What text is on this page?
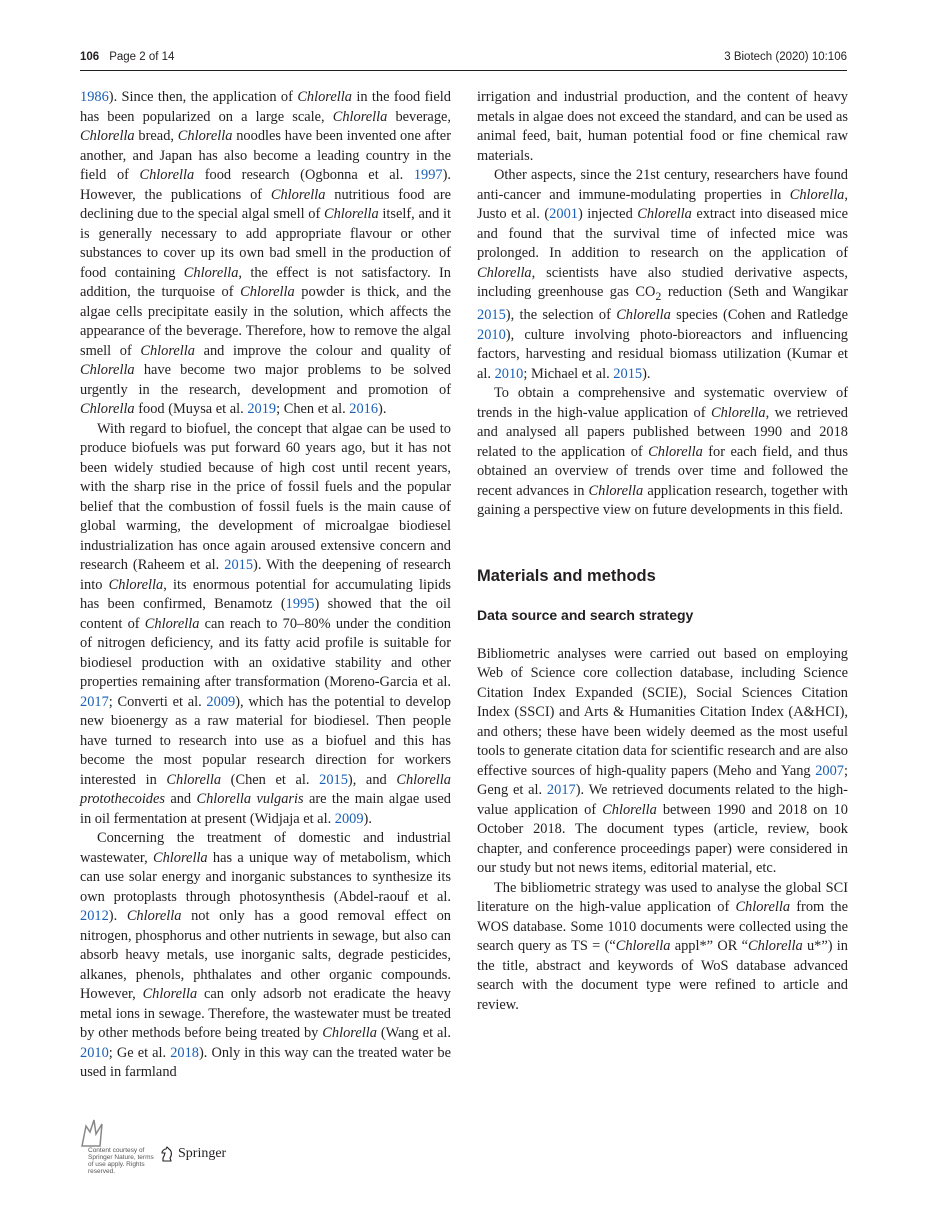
106 Page 2 of 14	3 Biotech (2020) 10:106

1986). Since then, the application of Chlorella in the food field has been popularized on a large scale, Chlorella beverage, Chlorella bread, Chlorella noodles have been invented one after another, and Japan has also become a leading country in the field of Chlorella food research (Ogbonna et al. 1997). However, the publications of Chlorella nutritious food are declining due to the special algal smell of Chlorella itself, and it is generally necessary to add appropriate flavour or other substances to cover up its own bad smell in the production of food containing Chlorella, the effect is not satisfactory. In addition, the turquoise of Chlorella powder is thick, and the algae cells precipitate easily in the solution, which affects the appearance of the beverage. Therefore, how to remove the algal smell of Chlorella and improve the colour and quality of Chlorella have become two major problems to be solved urgently in the research, development and promotion of Chlorella food (Muysa et al. 2019; Chen et al. 2016).

With regard to biofuel, the concept that algae can be used to produce biofuels was put forward 60 years ago, but it has not been widely studied because of high cost until recent years, with the sharp rise in the price of fossil fuels and the popular belief that the combustion of fossil fuels is the main cause of global warming, the development of microalgae biodiesel industrialization has once again aroused extensive concern and research (Raheem et al. 2015). With the deepening of research into Chlorella, its enormous potential for accumulating lipids has been confirmed, Benamotz (1995) showed that the oil content of Chlorella can reach to 70–80% under the condition of nitrogen deficiency, and its fatty acid profile is suitable for biodiesel production with an oxidative stability and other properties remaining after transformation (Moreno-Garcia et al. 2017; Converti et al. 2009), which has the potential to develop new bioenergy as a raw material for biodiesel. Then people have turned to research into use as a biofuel and this has become the most popular research direction for workers interested in Chlorella (Chen et al. 2015), and Chlorella protothecoides and Chlorella vulgaris are the main algae used in oil fermentation at present (Widjaja et al. 2009).

Concerning the treatment of domestic and industrial wastewater, Chlorella has a unique way of metabolism, which can use solar energy and inorganic substances to synthesize its own protoplasts through photosynthesis (Abdel-raouf et al. 2012). Chlorella not only has a good removal effect on nitrogen, phosphorus and other nutrients in sewage, but also can absorb heavy metals, use inorganic salts, degrade pesticides, alkanes, phenols, phthalates and other organic compounds. However, Chlorella can only adsorb not eradicate the heavy metal ions in sewage. Therefore, the wastewater must be treated by other methods before being treated by Chlorella (Wang et al. 2010; Ge et al. 2018). Only in this way can the treated water be used in farmland

irrigation and industrial production, and the content of heavy metals in algae does not exceed the standard, and can be used as animal feed, bait, human potential food or fine chemical raw materials.

Other aspects, since the 21st century, researchers have found anti-cancer and immune-modulating properties in Chlorella, Justo et al. (2001) injected Chlorella extract into diseased mice and found that the survival time of infected mice was prolonged. In addition to research on the application of Chlorella, scientists have also studied derivative aspects, including greenhouse gas $CO_2$ reduction (Seth and Wangikar 2015), the selection of Chlorella species (Cohen and Ratledge 2010), culture involving photo-bioreactors and influencing factors, harvesting and residual biomass utilization (Kumar et al. 2010; Michael et al. 2015).

To obtain a comprehensive and systematic overview of trends in the high-value application of Chlorella, we retrieved and analysed all papers published between 1990 and 2018 related to the application of Chlorella for each field, and thus obtained an overview of trends over time and followed the recent advances in Chlorella application research, together with gaining a perspective view on future developments in this field.

Materials and methods
Data source and search strategy

Bibliometric analyses were carried out based on employing Web of Science core collection database, including Science Citation Index Expanded (SCIE), Social Sciences Citation Index (SSCI) and Arts & Humanities Citation Index (A&HCI), and others; these have been widely deemed as the most useful tools to generate citation data for scientific research and are also effective sources of high-quality papers (Meho and Yang 2007; Geng et al. 2017). We retrieved documents related to the high-value application of Chlorella between 1990 and 2018 on 10 October 2018. The document types (article, review, book chapter, and conference proceedings paper) were considered in our study but not news items, editorial material, etc.

The bibliometric strategy was used to analyse the global SCI literature on the high-value application of Chlorella from the WOS database. Some 1010 documents were collected using the search query as TS = (“Chlorella appl*” OR “Chlorella u*”) in the title, abstract and keywords of WoS database advanced search with the document type were refined to article and review.

Content courtesy of Springer Nature, terms of use apply. Rights reserved.
Springer
